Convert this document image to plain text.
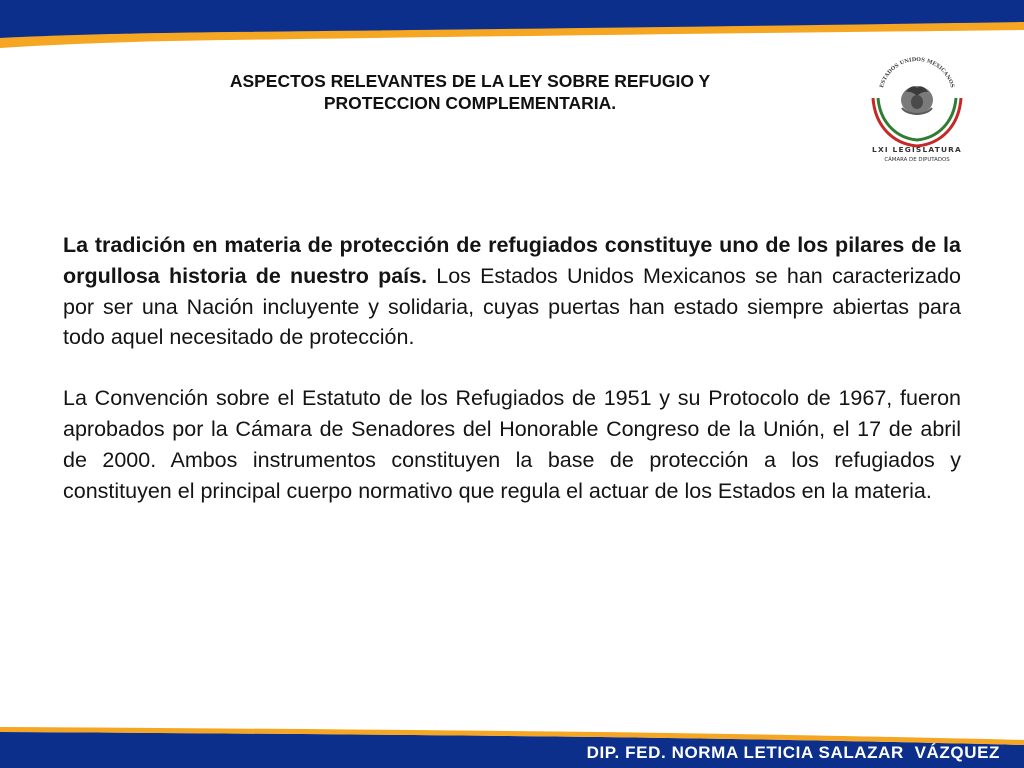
ASPECTOS RELEVANTES DE LA LEY SOBRE REFUGIO Y
PROTECCION COMPLEMENTARIA.
ESTADOS UNIDOS MEXICANOS
LXI LEGISLATURA
CÁMARA DE DIPUTADOS

La tradición en materia de protección de refugiados constituye uno de los pilares de la orgullosa historia de nuestro país. Los Estados Unidos Mexicanos se han caracterizado por ser una Nación incluyente y solidaria, cuyas puertas han estado siempre abiertas para todo aquel necesitado de protección.

La Convención sobre el Estatuto de los Refugiados de 1951 y su Protocolo de 1967, fueron aprobados por la Cámara de Senadores del Honorable Congreso de la Unión, el 17 de abril de 2000. Ambos instrumentos constituyen la base de protección a los refugiados y constituyen el principal cuerpo normativo que regula el actuar de los Estados en la materia.

DIP. FED. NORMA LETICIA SALAZAR  VÁZQUEZ
